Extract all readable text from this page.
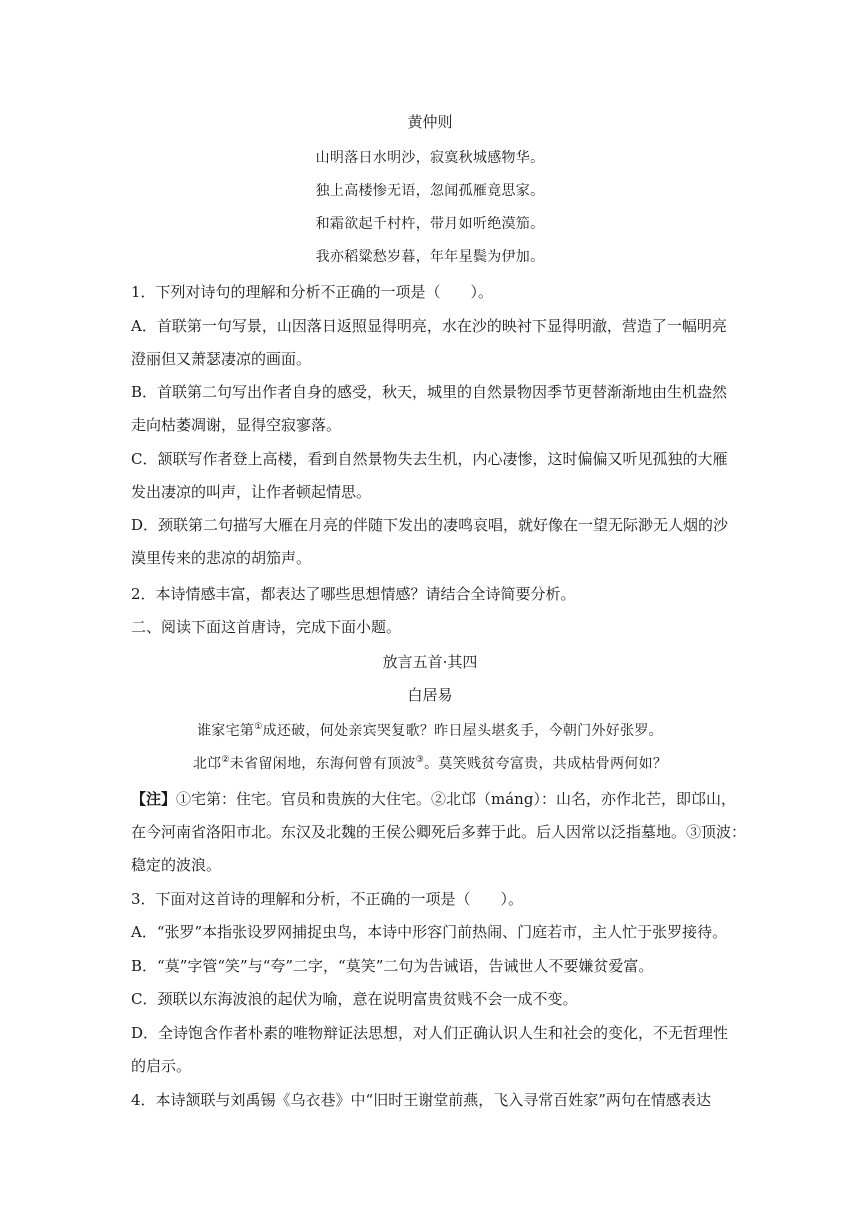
黄仲则
山明落日水明沙，寂寞秋城感物华。
独上高楼惨无语，忽闻孤雁竟思家。
和霜欲起千村杵，带月如听绝漠笳。
我亦稻粱愁岁暮，年年星鬓为伊加。
1．下列对诗句的理解和分析不正确的一项是（　　）。
A．首联第一句写景，山因落日返照显得明亮，水在沙的映衬下显得明澈，营造了一幅明亮
澄丽但又萧瑟凄凉的画面。
B．首联第二句写出作者自身的感受，秋天，城里的自然景物因季节更替渐渐地由生机盎然
走向枯萎凋谢，显得空寂寥落。
C．颔联写作者登上高楼，看到自然景物失去生机，内心凄惨，这时偏偏又听见孤独的大雁
发出凄凉的叫声，让作者顿起情思。
D．颈联第二句描写大雁在月亮的伴随下发出的凄鸣哀唱，就好像在一望无际渺无人烟的沙
漠里传来的悲凉的胡笳声。
2．本诗情感丰富，都表达了哪些思想情感？请结合全诗简要分析。
二、阅读下面这首唐诗，完成下面小题。
放言五首·其四
白居易
谁家宅第①成还破，何处亲宾哭复歌？昨日屋头堪炙手，今朝门外好张罗。
北邙②未省留闲地，东海何曾有顶波③。莫笑贱贫夸富贵，共成枯骨两何如？
【注】①宅第：住宅。官员和贵族的大住宅。②北邙（máng）：山名，亦作北芒，即邙山，
在今河南省洛阳市北。东汉及北魏的王侯公卿死后多葬于此。后人因常以泛指墓地。③顶波：
稳定的波浪。
3．下面对这首诗的理解和分析，不正确的一项是（　　）。
A．“张罗”本指张设罗网捕捉虫鸟，本诗中形容门前热闹、门庭若市，主人忙于张罗接待。
B．“莫”字管“笑”与“夸”二字，“莫笑”二句为告诫语，告诫世人不要嫌贫爱富。
C．颈联以东海波浪的起伏为喻，意在说明富贵贫贱不会一成不变。
D．全诗饱含作者朴素的唯物辩证法思想，对人们正确认识人生和社会的变化，不无哲理性
的启示。
4．本诗颔联与刘禹锡《乌衣巷》中“旧时王谢堂前燕，飞入寻常百姓家”两句在情感表达
